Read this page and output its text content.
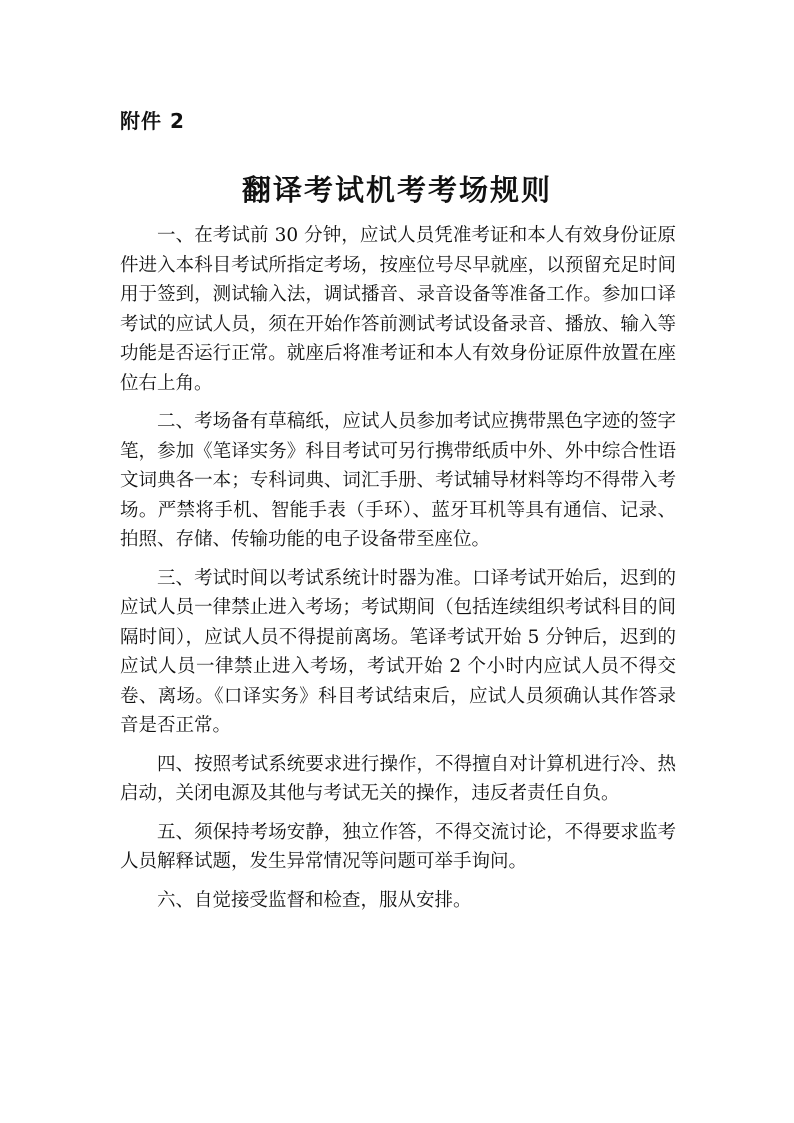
附件 2
翻译考试机考考场规则

一、在考试前 30 分钟，应试人员凭准考证和本人有效身份证原件进入本科目考试所指定考场，按座位号尽早就座，以预留充足时间用于签到，测试输入法，调试播音、录音设备等准备工作。参加口译考试的应试人员，须在开始作答前测试考试设备录音、播放、输入等功能是否运行正常。就座后将准考证和本人有效身份证原件放置在座位右上角。

二、考场备有草稿纸，应试人员参加考试应携带黑色字迹的签字笔，参加《笔译实务》科目考试可另行携带纸质中外、外中综合性语文词典各一本；专科词典、词汇手册、考试辅导材料等均不得带入考场。严禁将手机、智能手表（手环）、蓝牙耳机等具有通信、记录、拍照、存储、传输功能的电子设备带至座位。

三、考试时间以考试系统计时器为准。口译考试开始后，迟到的应试人员一律禁止进入考场；考试期间（包括连续组织考试科目的间隔时间），应试人员不得提前离场。笔译考试开始 5 分钟后，迟到的应试人员一律禁止进入考场，考试开始 2 个小时内应试人员不得交卷、离场。《口译实务》科目考试结束后，应试人员须确认其作答录音是否正常。

四、按照考试系统要求进行操作，不得擅自对计算机进行冷、热启动，关闭电源及其他与考试无关的操作，违反者责任自负。

五、须保持考场安静，独立作答，不得交流讨论，不得要求监考人员解释试题，发生异常情况等问题可举手询问。

六、自觉接受监督和检查，服从安排。
